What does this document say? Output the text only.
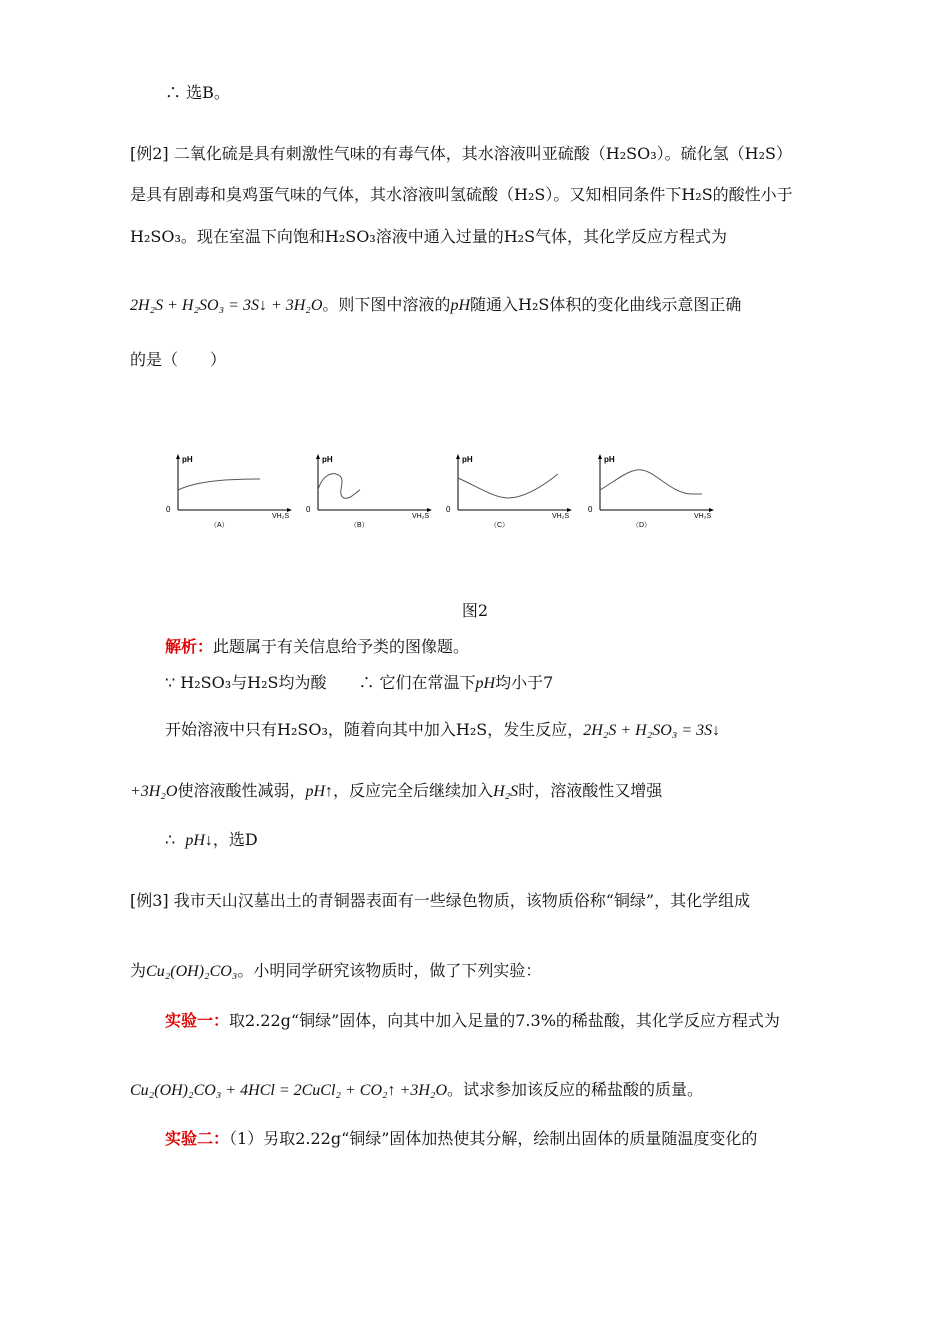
∴ 选B。
[例2] 二氧化硫是具有刺激性气味的有毒气体，其水溶液叫亚硫酸（H₂SO₃）。硫化氢（H₂S）
是具有剧毒和臭鸡蛋气味的气体，其水溶液叫氢硫酸（H₂S）。又知相同条件下H₂S的酸性小于
H₂SO₃。现在室温下向饱和H₂SO₃溶液中通入过量的H₂S气体，其化学反应方程式为
2H₂S + H₂SO₃ = 3S↓ + 3H₂O。则下图中溶液的pH随通入H₂S体积的变化曲线示意图正确
的是（　　）
pH
0
VH₂S
（A）
pH
0
VH₂S
（B）
pH
0
VH₂S
（C）
pH
0
VH₂S
（D）
图2
解析：此题属于有关信息给予类的图像题。
∵ H₂SO₃与H₂S均为酸　　∴ 它们在常温下pH均小于7
开始溶液中只有H₂SO₃，随着向其中加入H₂S，发生反应，2H₂S + H₂SO₃ = 3S↓
+3H₂O使溶液酸性减弱，pH↑，反应完全后继续加入H₂S时，溶液酸性又增强
∴ pH↓，选D
[例3] 我市天山汉墓出土的青铜器表面有一些绿色物质，该物质俗称“铜绿”，其化学组成
为Cu₂(OH)₂CO₃。小明同学研究该物质时，做了下列实验：
实验一：取2.22g“铜绿”固体，向其中加入足量的7.3%的稀盐酸，其化学反应方程式为
Cu₂(OH)₂CO₃ + 4HCl = 2CuCl₂ + CO₂↑ +3H₂O。试求参加该反应的稀盐酸的质量。
实验二：（1）另取2.22g“铜绿”固体加热使其分解，绘制出固体的质量随温度变化的
